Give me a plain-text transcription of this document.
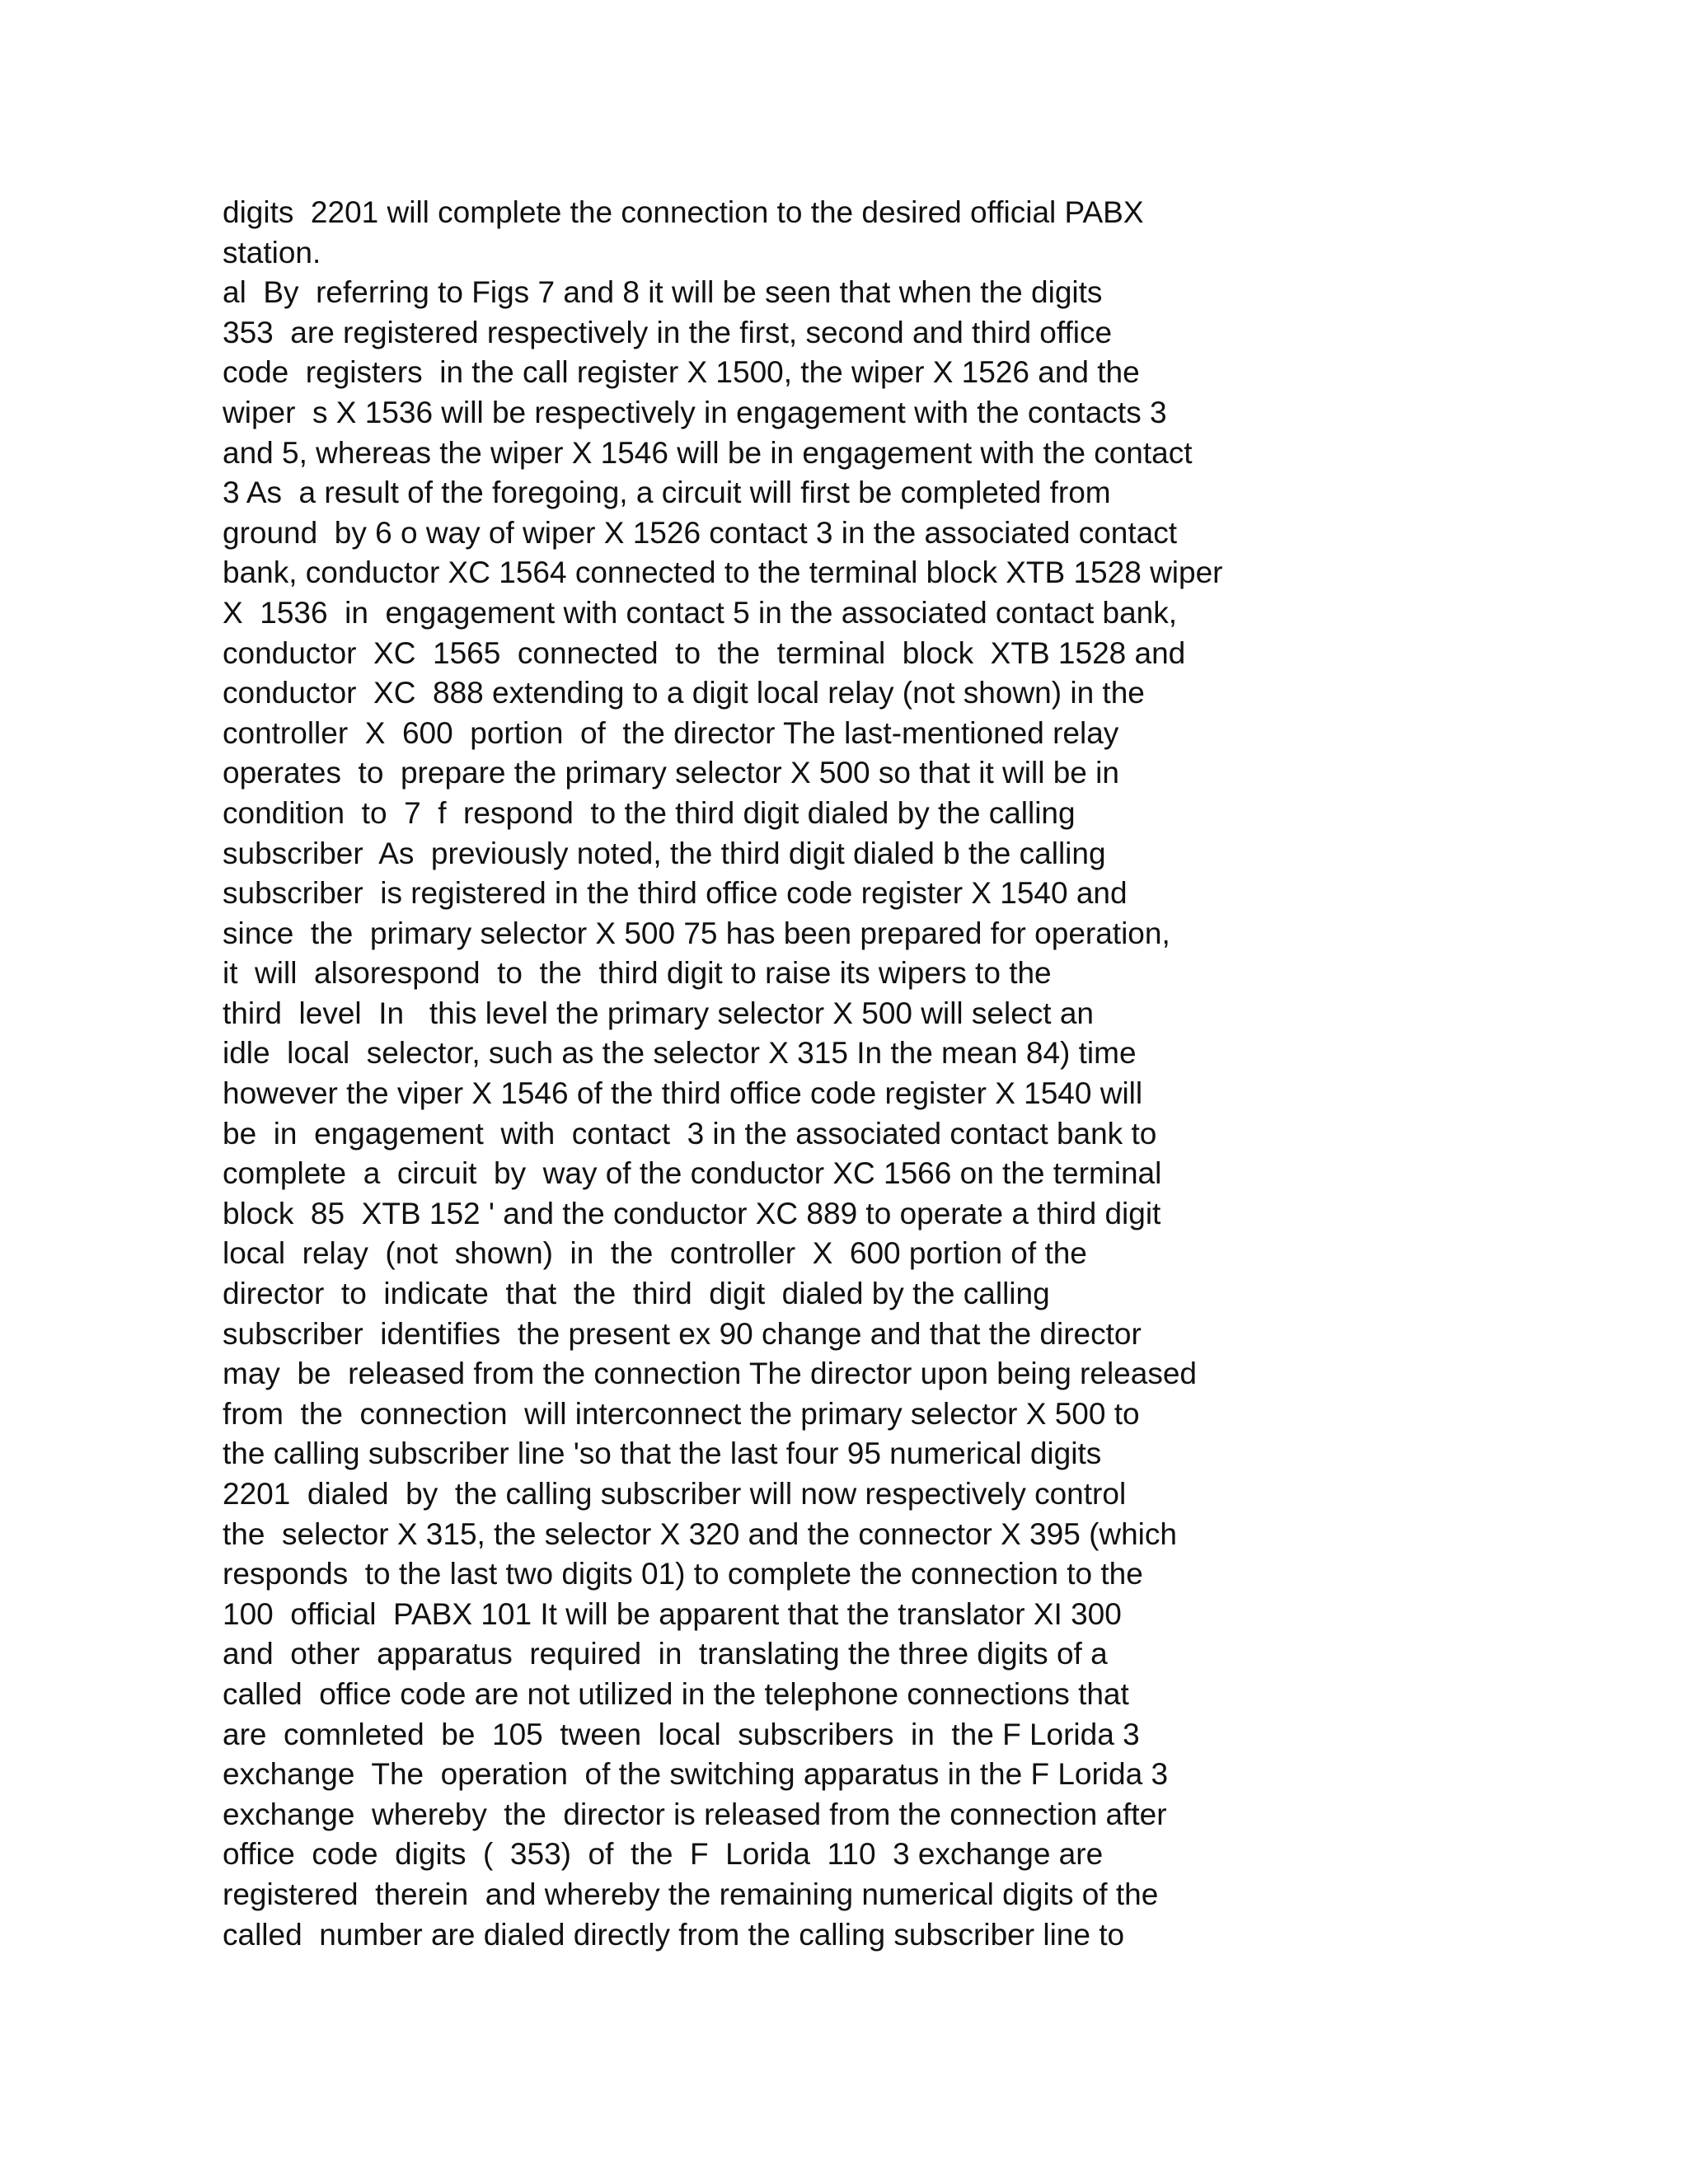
digits  2201 will complete the connection to the desired official PABX
station.
al  By  referring to Figs 7 and 8 it will be seen that when the digits
353  are registered respectively in the first, second and third office
code  registers  in the call register X 1500, the wiper X 1526 and the
wiper  s X 1536 will be respectively in engagement with the contacts 3
and 5, whereas the wiper X 1546 will be in engagement with the contact
3 As  a result of the foregoing, a circuit will first be completed from
ground  by 6 o way of wiper X 1526 contact 3 in the associated contact
bank, conductor XC 1564 connected to the terminal block XTB 1528 wiper
X  1536  in  engagement with contact 5 in the associated contact bank,
conductor  XC  1565  connected  to  the  terminal  block  XTB 1528 and
conductor  XC  888 extending to a digit local relay (not shown) in the
controller  X  600  portion  of  the director The last-mentioned relay
operates  to  prepare the primary selector X 500 so that it will be in
condition  to  7  f  respond  to the third digit dialed by the calling
subscriber  As  previously noted, the third digit dialed b the calling
subscriber  is registered in the third office code register X 1540 and
since  the  primary selector X 500 75 has been prepared for operation,
it  will  alsorespond  to  the  third digit to raise its wipers to the
third  level  In   this level the primary selector X 500 will select an
idle  local  selector, such as the selector X 315 In the mean 84) time
however the viper X 1546 of the third office code register X 1540 will
be  in  engagement  with  contact  3 in the associated contact bank to
complete  a  circuit  by  way of the conductor XC 1566 on the terminal
block  85  XTB 152 ' and the conductor XC 889 to operate a third digit
local  relay  (not  shown)  in  the  controller  X  600 portion of the
director  to  indicate  that  the  third  digit  dialed by the calling
subscriber  identifies  the present ex 90 change and that the director
may  be  released from the connection The director upon being released
from  the  connection  will interconnect the primary selector X 500 to
the calling subscriber line 'so that the last four 95 numerical digits
2201  dialed  by  the calling subscriber will now respectively control
the  selector X 315, the selector X 320 and the connector X 395 (which
responds  to the last two digits 01) to complete the connection to the
100  official  PABX 101 It will be apparent that the translator XI 300
and  other  apparatus  required  in  translating the three digits of a
called  office code are not utilized in the telephone connections that
are  comnleted  be  105  tween  local  subscribers  in  the F Lorida 3
exchange  The  operation  of the switching apparatus in the F Lorida 3
exchange  whereby  the  director is released from the connection after
office  code  digits  (  353)  of  the  F  Lorida  110  3 exchange are
registered  therein  and whereby the remaining numerical digits of the
called  number are dialed directly from the calling subscriber line to
